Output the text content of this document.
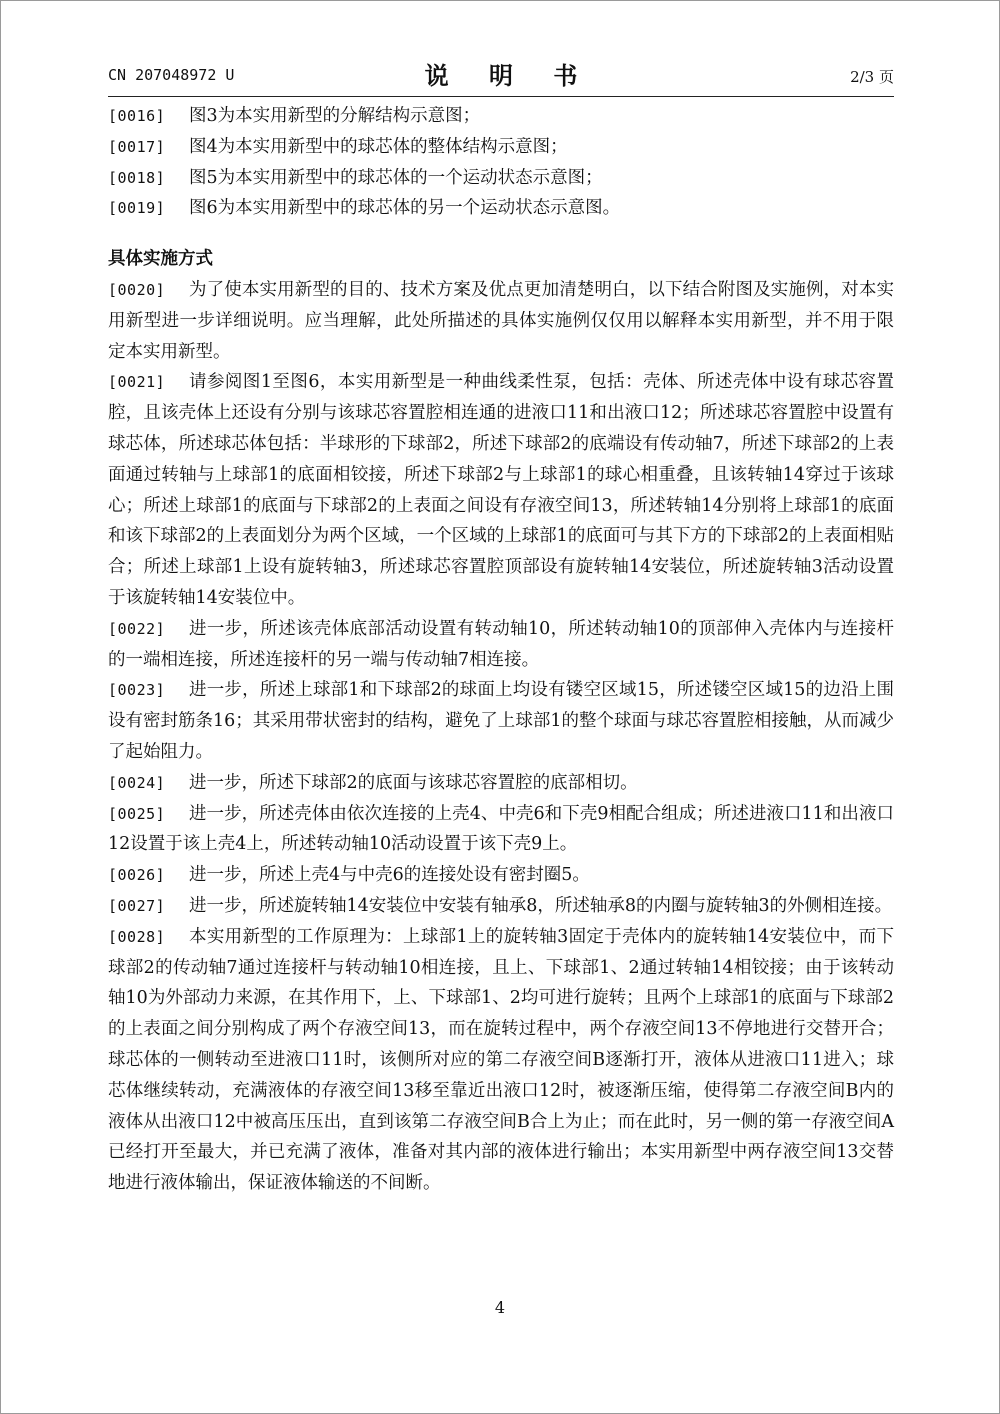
CN 207048972 U	说 明 书	2/3 页

[0016] 图3为本实用新型的分解结构示意图；

[0017] 图4为本实用新型中的球芯体的整体结构示意图；

[0018] 图5为本实用新型中的球芯体的一个运动状态示意图；

[0019] 图6为本实用新型中的球芯体的另一个运动状态示意图。

具体实施方式

[0020] 为了使本实用新型的目的、技术方案及优点更加清楚明白，以下结合附图及实施例，对本实用新型进一步详细说明。应当理解，此处所描述的具体实施例仅仅用以解释本实用新型，并不用于限定本实用新型。

[0021] 请参阅图1至图6，本实用新型是一种曲线柔性泵，包括：壳体、所述壳体中设有球芯容置腔，且该壳体上还设有分别与该球芯容置腔相连通的进液口11和出液口12；所述球芯容置腔中设置有球芯体，所述球芯体包括：半球形的下球部2，所述下球部2的底端设有传动轴7，所述下球部2的上表面通过转轴与上球部1的底面相铰接，所述下球部2与上球部1的球心相重叠，且该转轴14穿过于该球心；所述上球部1的底面与下球部2的上表面之间设有存液空间13，所述转轴14分别将上球部1的底面和该下球部2的上表面划分为两个区域，一个区域的上球部1的底面可与其下方的下球部2的上表面相贴合；所述上球部1上设有旋转轴3，所述球芯容置腔顶部设有旋转轴14安装位，所述旋转轴3活动设置于该旋转轴14安装位中。

[0022] 进一步，所述该壳体底部活动设置有转动轴10，所述转动轴10的顶部伸入壳体内与连接杆的一端相连接，所述连接杆的另一端与传动轴7相连接。

[0023] 进一步，所述上球部1和下球部2的球面上均设有镂空区域15，所述镂空区域15的边沿上围设有密封筋条16；其采用带状密封的结构，避免了上球部1的整个球面与球芯容置腔相接触，从而减少了起始阻力。

[0024] 进一步，所述下球部2的底面与该球芯容置腔的底部相切。

[0025] 进一步，所述壳体由依次连接的上壳4、中壳6和下壳9相配合组成；所述进液口11和出液口12设置于该上壳4上，所述转动轴10活动设置于该下壳9上。

[0026] 进一步，所述上壳4与中壳6的连接处设有密封圈5。

[0027] 进一步，所述旋转轴14安装位中安装有轴承8，所述轴承8的内圈与旋转轴3的外侧相连接。

[0028] 本实用新型的工作原理为：上球部1上的旋转轴3固定于壳体内的旋转轴14安装位中，而下球部2的传动轴7通过连接杆与转动轴10相连接，且上、下球部1、2通过转轴14相铰接；由于该转动轴10为外部动力来源，在其作用下，上、下球部1、2均可进行旋转；且两个上球部1的底面与下球部2的上表面之间分别构成了两个存液空间13，而在旋转过程中，两个存液空间13不停地进行交替开合；球芯体的一侧转动至进液口11时，该侧所对应的第二存液空间B逐渐打开，液体从进液口11进入；球芯体继续转动，充满液体的存液空间13移至靠近出液口12时，被逐渐压缩，使得第二存液空间B内的液体从出液口12中被高压压出，直到该第二存液空间B合上为止；而在此时，另一侧的第一存液空间A已经打开至最大，并已充满了液体，准备对其内部的液体进行输出；本实用新型中两存液空间13交替地进行液体输出，保证液体输送的不间断。

4
